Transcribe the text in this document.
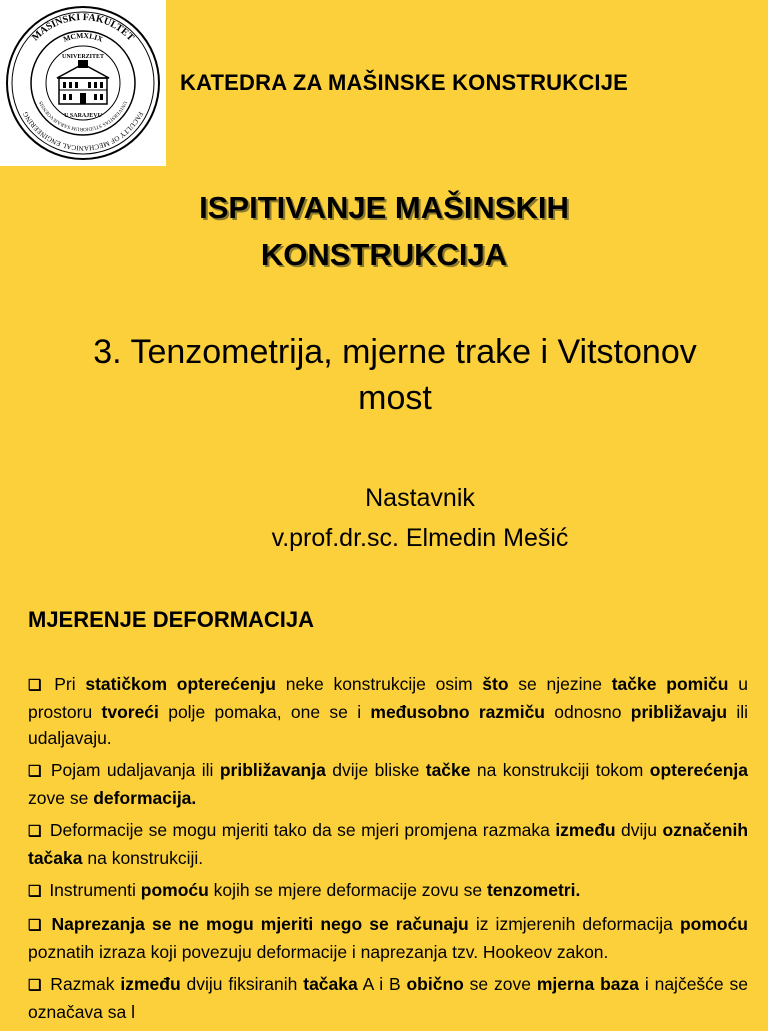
MAŠINSKI FAKULTET
FACULTY OF MECHANICAL ENGINEERING
MCMXLIX
UNIVERSITAS STUDIORUM SARAJEVOENSIS
UNIVERZITET
U SARAJEVU
KATEDRA ZA MAŠINSKE KONSTRUKCIJE
ISPITIVANJE MAŠINSKIH
KONSTRUKCIJA
3. Tenzometrija, mjerne trake i Vitstonov
most
Nastavnik
v.prof.dr.sc. Elmedin Mešić
MJERENJE DEFORMACIJA
❑ Pri statičkom opterećenju neke konstrukcije osim što se njezine tačke pomiču u prostoru tvoreći polje pomaka, one se i međusobno razmiču odnosno približavaju ili udaljavaju.
❑ Pojam udaljavanja ili približavanja dvije bliske tačke na konstrukciji tokom opterećenja zove se deformacija.
❑ Deformacije se mogu mjeriti tako da se mjeri promjena razmaka između dviju označenih tačaka na konstrukciji.
❑ Instrumenti pomoću kojih se mjere deformacije zovu se tenzometri.
❑ Naprezanja se ne mogu mjeriti nego se računaju iz izmjerenih deformacija pomoću poznatih izraza koji povezuju deformacije i naprezanja tzv. Hookeov zakon.
❑ Razmak između dviju fiksiranih tačaka A i B obično se zove mjerna baza i najčešće se označava sa l
